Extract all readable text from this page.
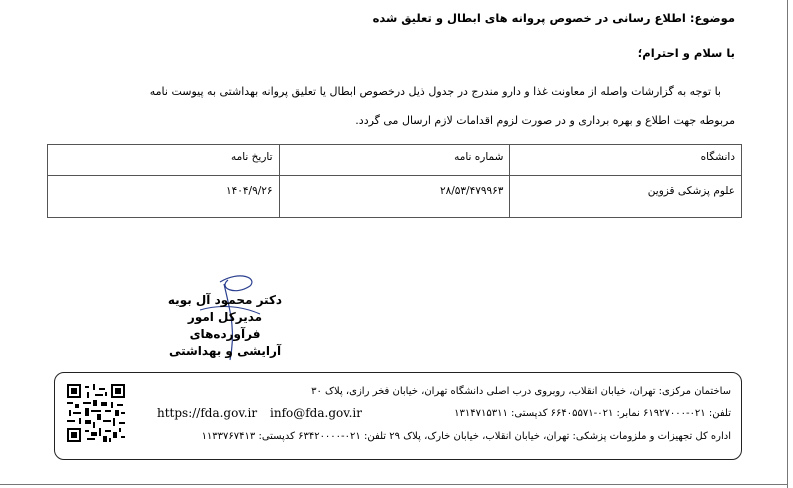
موضوع: اطلاع رسانی در خصوص پروانه های ابطال و تعلیق شده
با سلام و احترام؛
با توجه به گزارشات واصله از معاونت غذا و دارو مندرج در جدول ذیل درخصوص ابطال یا تعلیق پروانه بهداشتی به پیوست نامه
مربوطه جهت اطلاع و بهره برداری و در صورت لزوم اقدامات لازم ارسال می گردد.
دانشگاه	شماره نامه	تاریخ نامه
علوم پزشکی قزوین	۲۸/۵۳/۴۷۹۹۶۳	۱۴۰۴/۹/۲۶
دکتر محمود آل بویه
مدیرکل امور فرآورده‌های
آرایشی و بهداشتی
ساختمان مرکزی: تهران، خیابان انقلاب، روبروی درب اصلی دانشگاه تهران، خیابان فخر رازی، پلاک ۳۰
تلفن: ۰۲۱-۶۱۹۲۷۰۰۰ نمابر: ۰۲۱-۶۶۴۰۵۵۷۱ کدپستی: ۱۳۱۴۷۱۵۳۱۱
info@fda.gov.ir
https://fda.gov.ir
اداره کل تجهیزات و ملزومات پزشکی: تهران، خیابان انقلاب، خیابان خارک، پلاک ۲۹ تلفن: ۰۲۱-۶۳۴۲۰۰۰۰ کدپستی: ۱۱۳۳۷۶۷۴۱۳
